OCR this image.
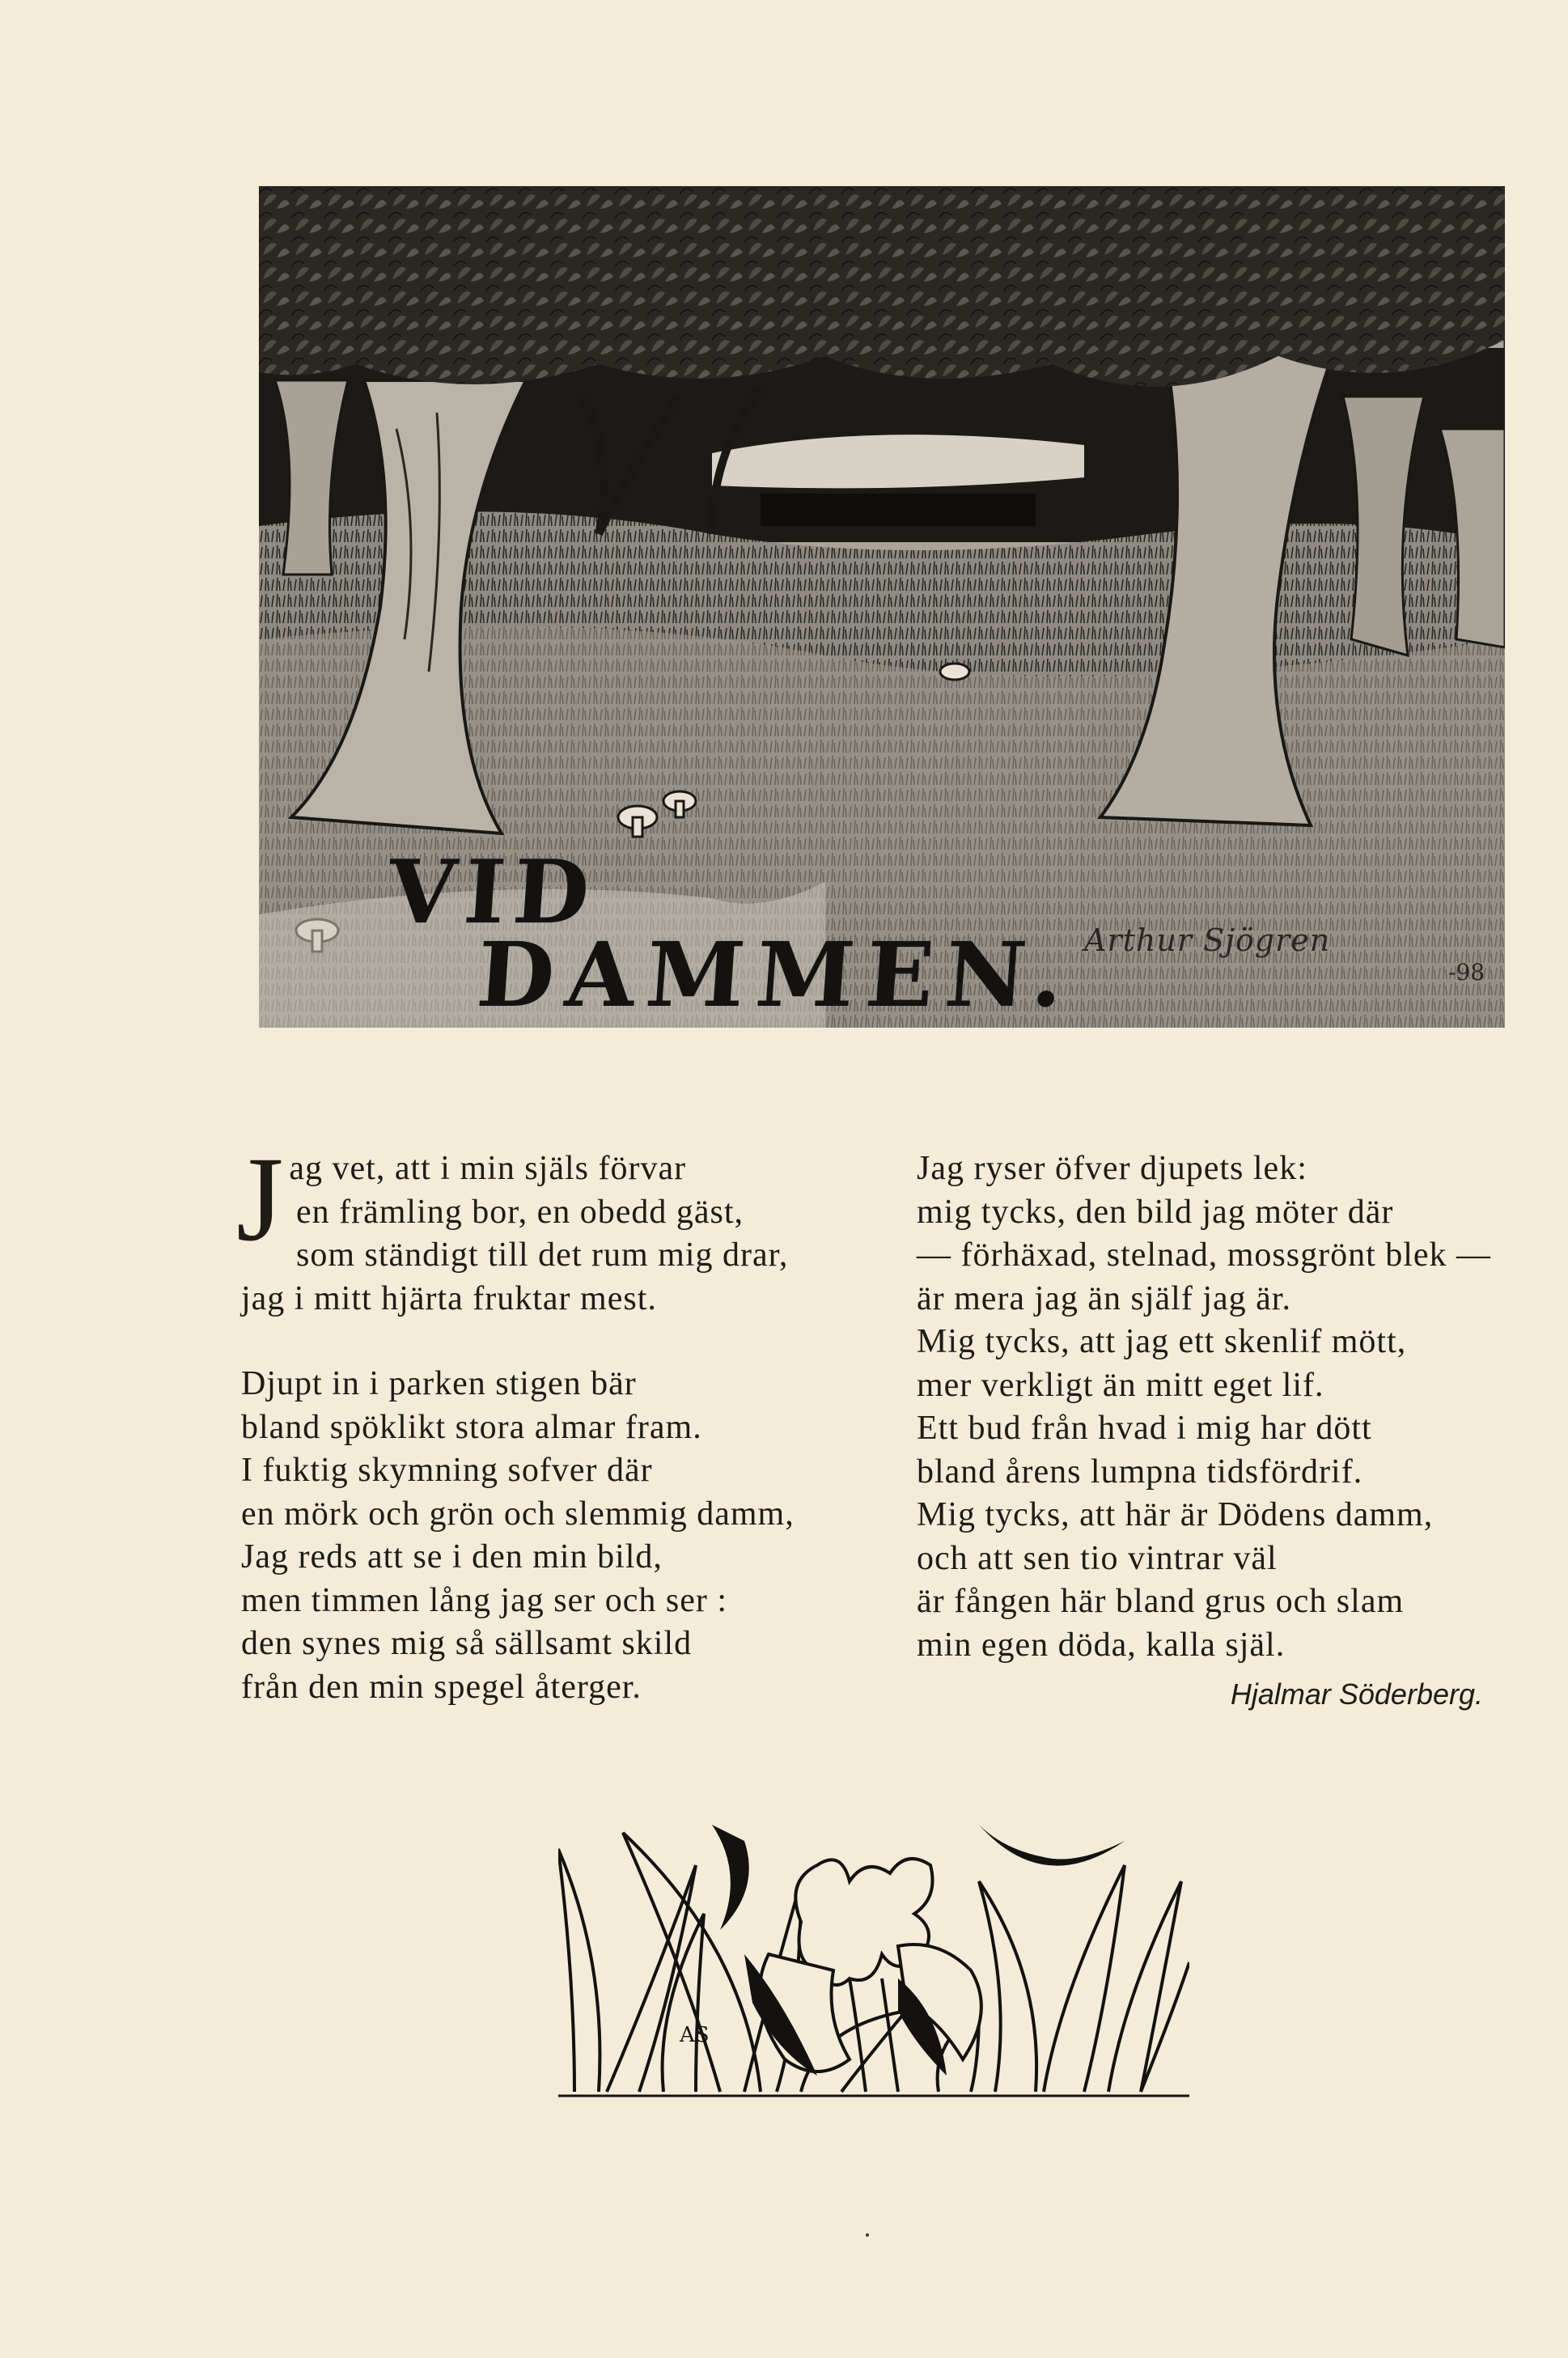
VID
DAMMEN. Arthur Sjögren
-98
Jag vet, att i min själs förvar
en främling bor, en obedd gäst,
som ständigt till det rum mig drar,
jag i mitt hjärta fruktar mest.
Djupt in i parken stigen bär
bland spöklikt stora almar fram.
I fuktig skymning sofver där
en mörk och grön och slemmig damm,
Jag reds att se i den min bild,
men timmen lång jag ser och ser :
den synes mig så sällsamt skild
från den min spegel återger.
Jag ryser öfver djupets lek:
mig tycks, den bild jag möter där
— förhäxad, stelnad, mossgrönt blek —
är mera jag än själf jag är.
Mig tycks, att jag ett skenlif mött,
mer verkligt än mitt eget lif.
Ett bud från hvad i mig har dött
bland årens lumpna tidsfördrif.
Mig tycks, att här är Dödens damm,
och att sen tio vintrar väl
är fången här bland grus och slam
min egen döda, kalla själ.
Hjalmar Söderberg.
AS
